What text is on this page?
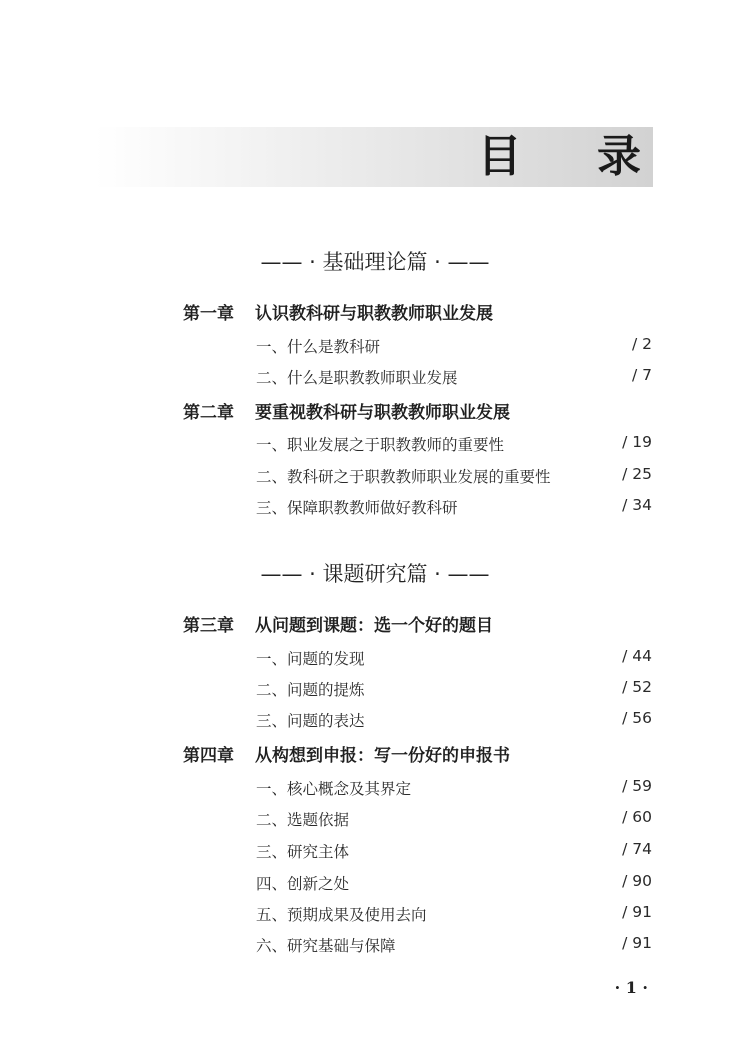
目 录
—— · 基础理论篇 · ——
第一章 认识教科研与职教教师职业发展
一、什么是教科研	/ 2
二、什么是职教教师职业发展	/ 7
第二章 要重视教科研与职教教师职业发展
一、职业发展之于职教教师的重要性	/ 19
二、教科研之于职教教师职业发展的重要性	/ 25
三、保障职教教师做好教科研	/ 34
—— · 课题研究篇 · ——
第三章 从问题到课题：选一个好的题目
一、问题的发现	/ 44
二、问题的提炼	/ 52
三、问题的表达	/ 56
第四章 从构想到申报：写一份好的申报书
一、核心概念及其界定	/ 59
二、选题依据	/ 60
三、研究主体	/ 74
四、创新之处	/ 90
五、预期成果及使用去向	/ 91
六、研究基础与保障	/ 91
· 1 ·
